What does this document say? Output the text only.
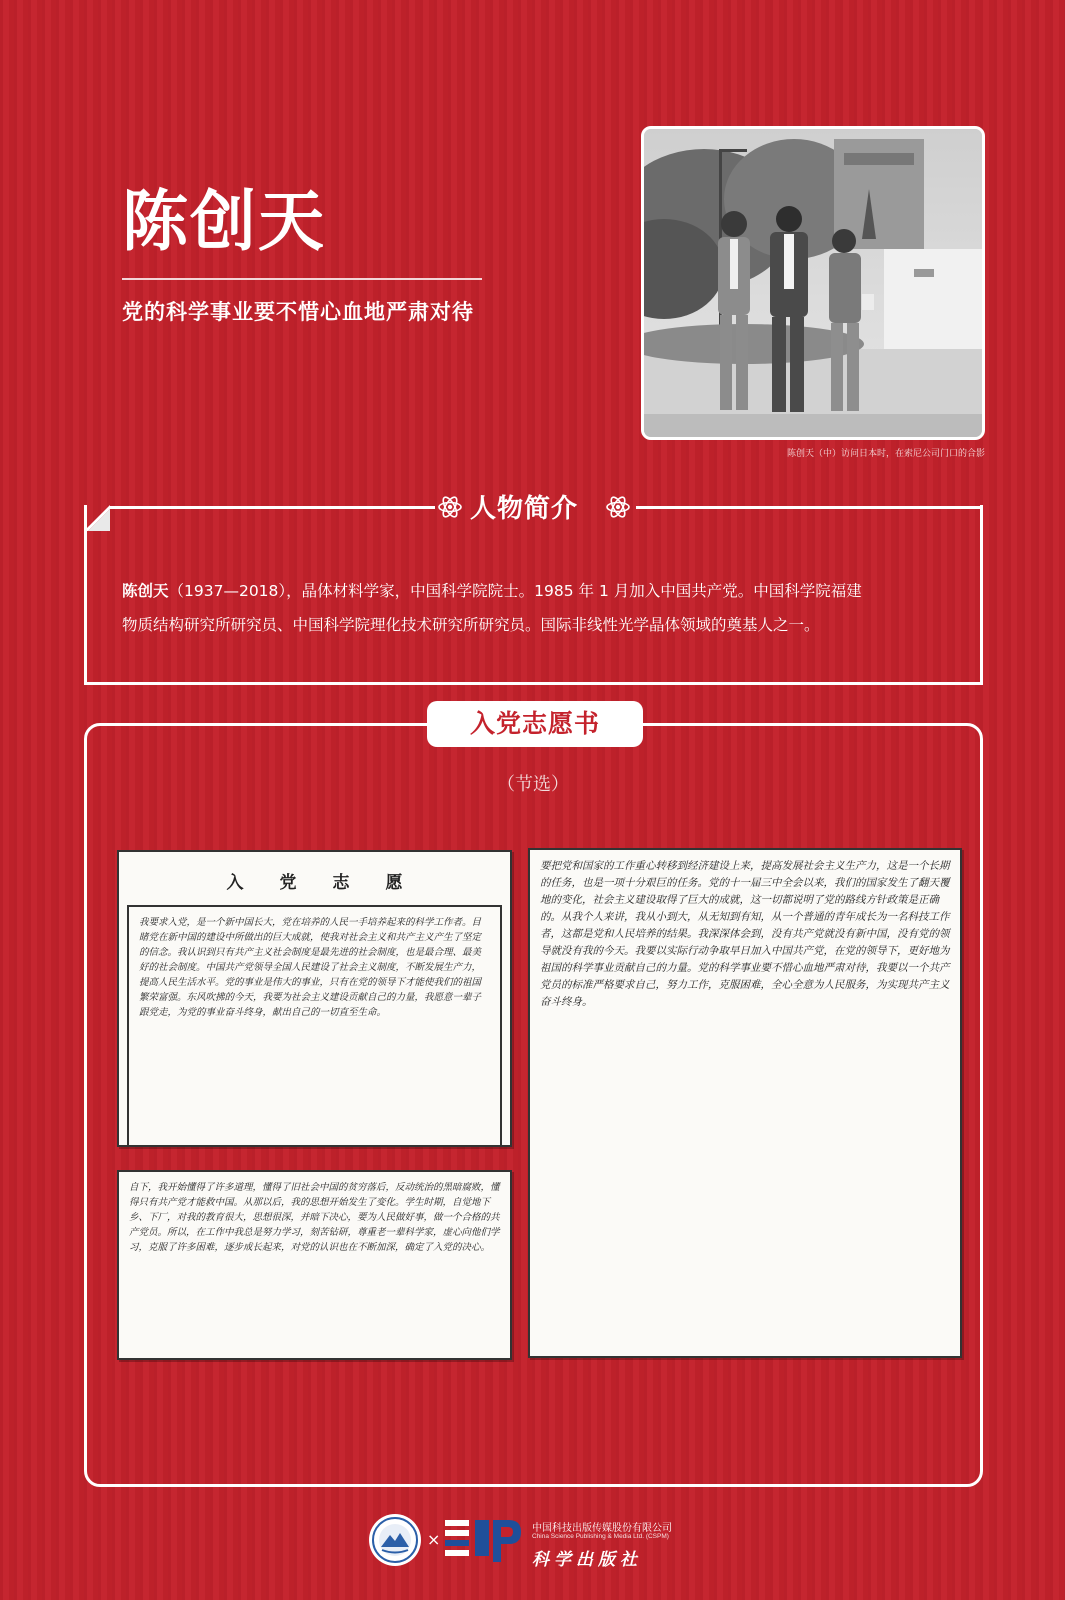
陈创天
党的科学事业要不惜心血地严肃对待
陈创天（中）访问日本时，在索尼公司门口的合影
人物简介
陈创天（1937—2018），晶体材料学家，中国科学院院士。1985 年 1 月加入中国共产党。中国科学院福建
物质结构研究所研究员、中国科学院理化技术研究所研究员。国际非线性光学晶体领域的奠基人之一。
入党志愿书
（节选）
入党志愿
我要求入党，是一个新中国长大，党在培养的人民一手培养起来的科学工作者。目睹党在新中国的建设中所做出的巨大成就，使我对社会主义和共产主义产生了坚定的信念。我认识到只有共产主义社会制度是最先进的社会制度，也是最合理、最美好的社会制度。中国共产党领导全国人民建设了社会主义制度，不断发展生产力，提高人民生活水平。党的事业是伟大的事业，只有在党的领导下才能使我们的祖国繁荣富强。东风吹拂的今天，我要为社会主义建设贡献自己的力量，我愿意一辈子跟党走，为党的事业奋斗终身，献出自己的一切直至生命。
自下，我开始懂得了许多道理，懂得了旧社会中国的贫穷落后，反动统治的黑暗腐败，懂得只有共产党才能救中国。从那以后，我的思想开始发生了变化。学生时期，自觉地下乡、下厂，对我的教育很大，思想很深，并暗下决心，要为人民做好事，做一个合格的共产党员。所以，在工作中我总是努力学习，刻苦钻研，尊重老一辈科学家，虚心向他们学习，克服了许多困难，逐步成长起来，对党的认识也在不断加深，确定了入党的决心。
要把党和国家的工作重心转移到经济建设上来，提高发展社会主义生产力，这是一个长期的任务，也是一项十分艰巨的任务。党的十一届三中全会以来，我们的国家发生了翻天覆地的变化，社会主义建设取得了巨大的成就，这一切都说明了党的路线方针政策是正确的。从我个人来讲，我从小到大，从无知到有知，从一个普通的青年成长为一名科技工作者，这都是党和人民培养的结果。我深深体会到，没有共产党就没有新中国，没有党的领导就没有我的今天。我要以实际行动争取早日加入中国共产党，在党的领导下，更好地为祖国的科学事业贡献自己的力量。党的科学事业要不惜心血地严肃对待，我要以一个共产党员的标准严格要求自己，努力工作，克服困难，全心全意为人民服务，为实现共产主义奋斗终身。
×
中国科技出版传媒股份有限公司
China Science Publishing & Media Ltd. (CSPM)
科学出版社
